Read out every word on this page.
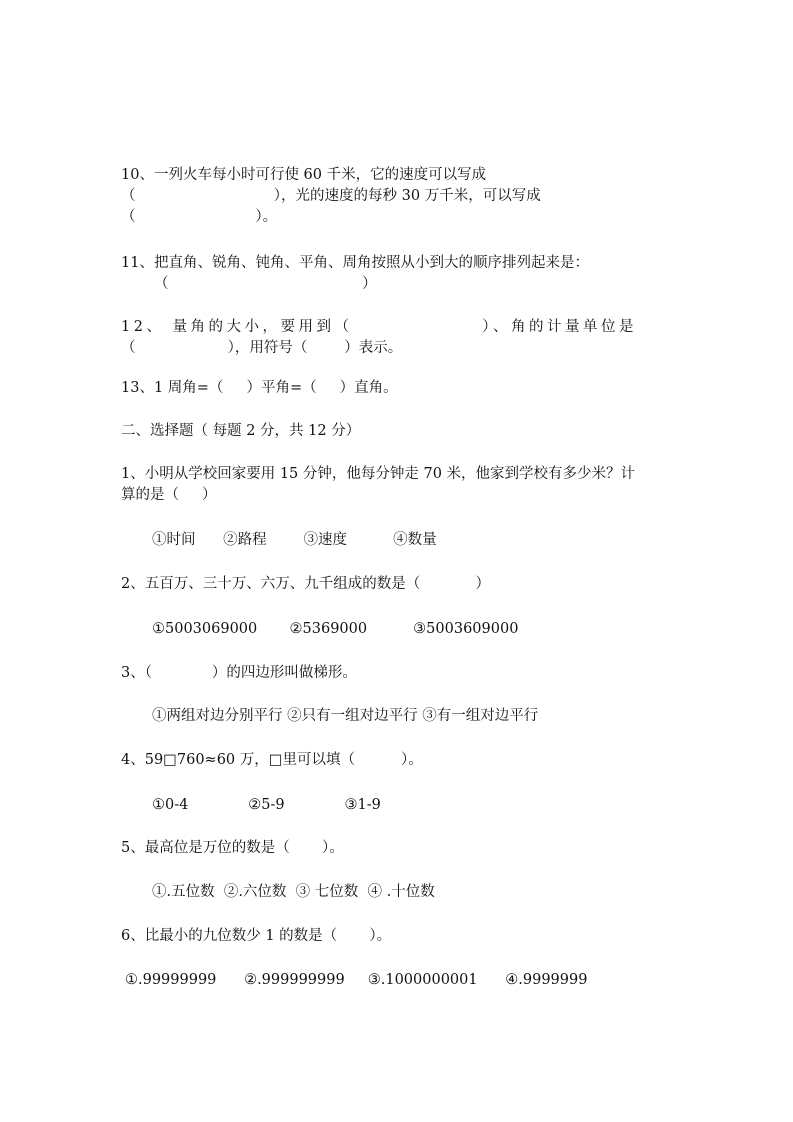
10、一列火车每小时可行使 60 千米，它的速度可以写成
（                              ），光的速度的每秒 30 万千米，可以写成
（                          ）。
11、把直角、锐角、钝角、平角、周角按照从小到大的顺序排列起来是：
（                                          ）
12、 量角的大小，要用到（                ）、角的计量单位是
（                    ），用符号（        ）表示。
13、1 周角=（     ）平角=（     ）直角。
二、选择题（ 每题 2 分，共 12 分）
1、小明从学校回家要用 15 分钟，他每分钟走 70 米，他家到学校有多少米？计
算的是（     ）
①时间      ②路程        ③速度          ④数量
2、五百万、三十万、六万、九千组成的数是（            ）
①5003069000       ②5369000          ③5003609000
3、（             ）的四边形叫做梯形。
①两组对边分别平行 ②只有一组对边平行 ③有一组对边平行
4、59□760≈60 万，□里可以填（          ）。
①0-4             ②5-9             ③1-9
5、最高位是万位的数是（       ）。
①.五位数  ②.六位数  ③ 七位数  ④ .十位数
6、比最小的九位数少 1 的数是（       ）。
①.99999999      ②.999999999     ③.1000000001      ④.9999999
